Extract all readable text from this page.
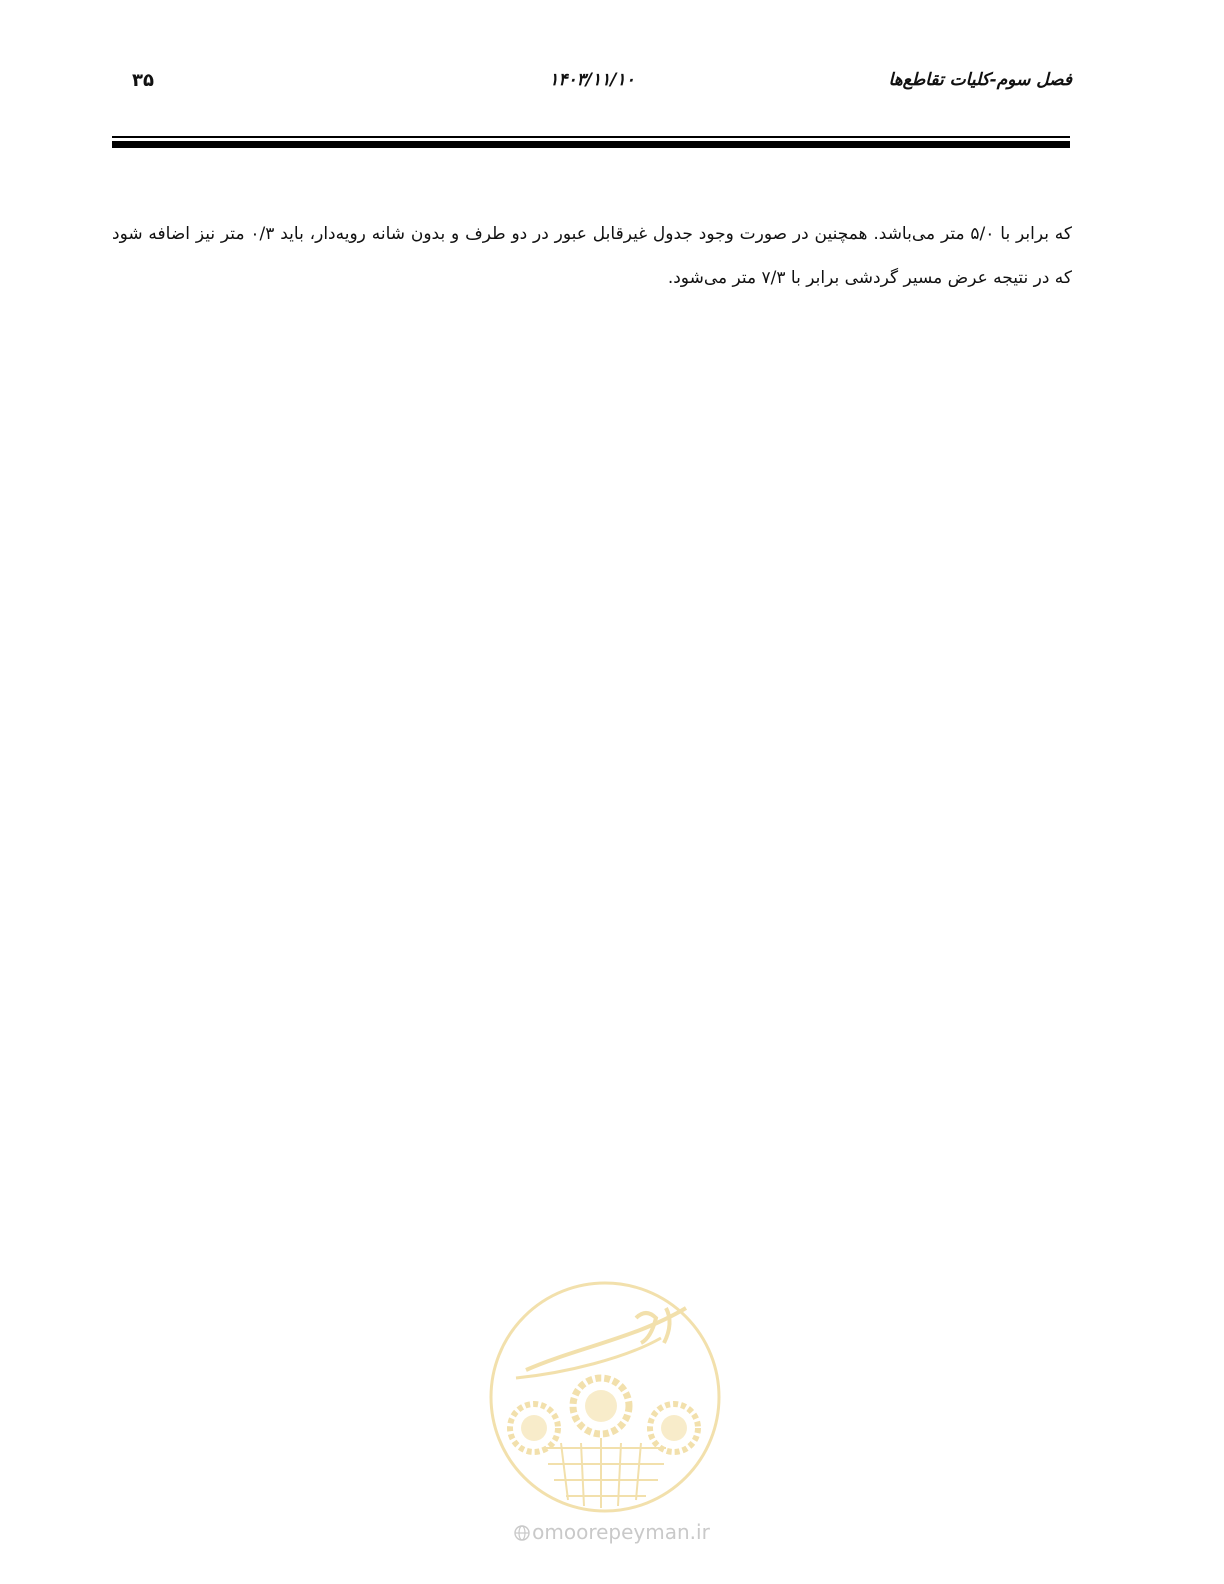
فصل سوم-کلیات تقاطع‌ها
۱۴۰۳/۱۱/۱۰
۳۵

که برابر با ۵/۰ متر می‌باشد. همچنین در صورت وجود جدول غیرقابل عبور در دو طرف و بدون شانه رویه‌دار، باید ۰/۳ متر نیز اضافه شود که در نتیجه عرض مسیر گردشی برابر با ۷/۳ متر می‌شود.

omoorepeyman.ir
